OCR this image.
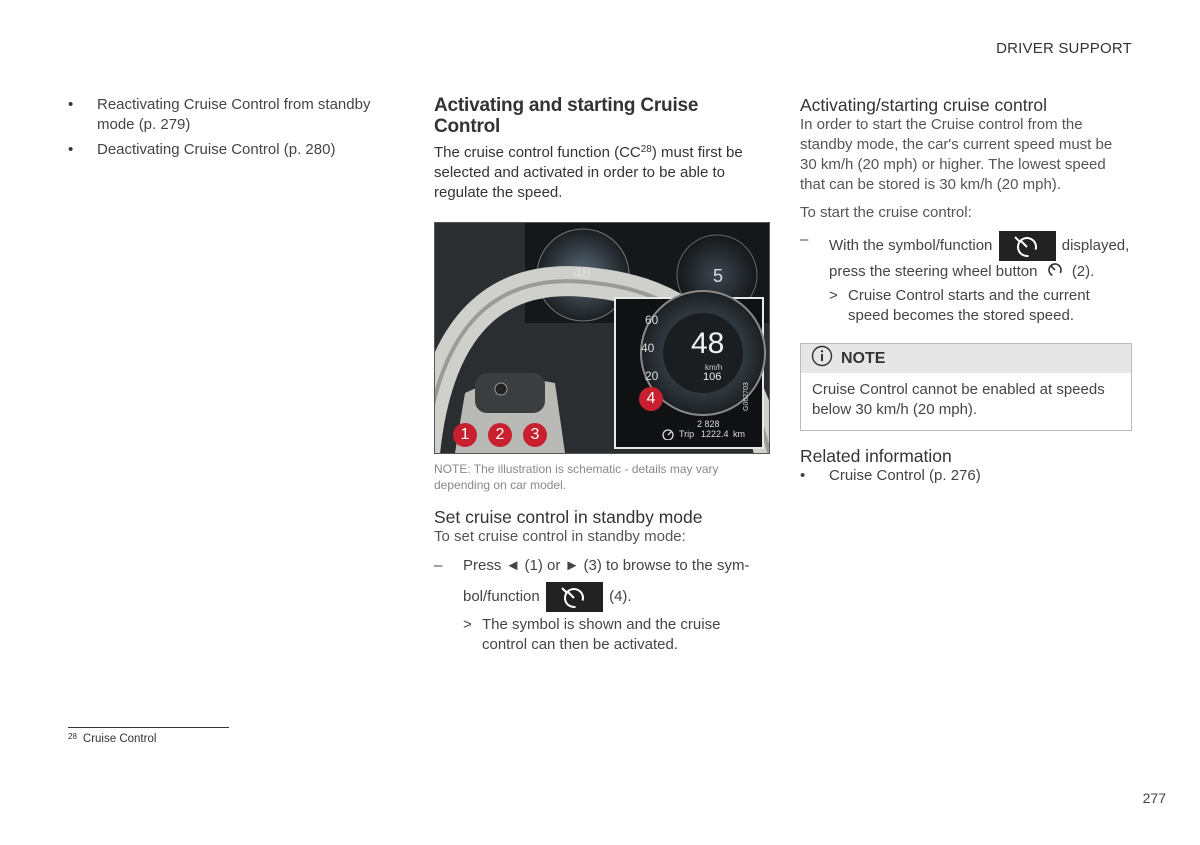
DRIVER SUPPORT
• Reactivating Cruise Control from standby mode (p. 279)
• Deactivating Cruise Control (p. 280)
$^{28}$ Cruise Control
Activating and starting Cruise Control
The cruise control function (CC$^{28}$) must first be selected and activated in order to be able to regulate the speed.
48	5
60
40
20
48
km/h
106
2 828
Trip 1222.4 km
G062703
1	2	3
4
NOTE: The illustration is schematic - details may vary depending on car model.
Set cruise control in standby mode
To set cruise control in standby mode:
– Press ◄ (1) or ► (3) to browse to the sym-
bol/function	(4).
> The symbol is shown and the cruise control can then be activated.
Activating/starting cruise control
In order to start the Cruise control from the standby mode, the car's current speed must be 30 km/h (20 mph) or higher. The lowest speed that can be stored is 30 km/h (20 mph).
To start the cruise control:
– With the symbol/function	displayed,
press the steering wheel button (2).
> Cruise Control starts and the current speed becomes the stored speed.
NOTE
Cruise Control cannot be enabled at speeds below 30 km/h (20 mph).
Related information
• Cruise Control (p. 276)
277
